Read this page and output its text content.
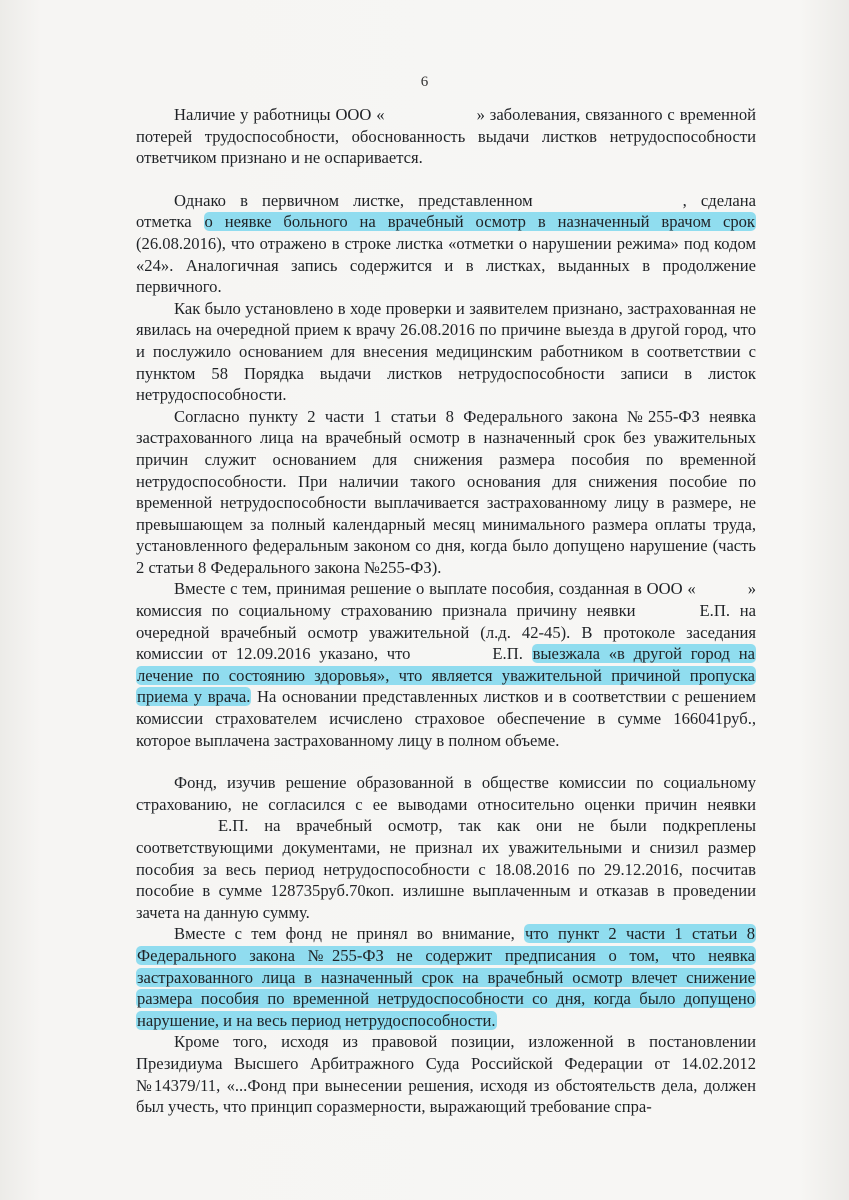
6

Наличие у работницы ООО «	» заболевания, связанного с временной потерей трудоспособности, обоснованность выдачи листков нетрудоспособности ответчиком признано и не оспаривается.

Однако в первичном листке, представленном	, сделана отметка о неявке больного на врачебный осмотр в назначенный врачом срок (26.08.2016), что отражено в строке листка «отметки о нарушении режима» под кодом «24». Аналогичная запись содержится и в листках, выданных в продолжение первичного.

Как было установлено в ходе проверки и заявителем признано, застрахованная не явилась на очередной прием к врачу 26.08.2016 по причине выезда в другой город, что и послужило основанием для внесения медицинским работником в соответствии с пунктом 58 Порядка выдачи листков нетрудоспособности записи в листок нетрудоспособности.

Согласно пункту 2 части 1 статьи 8 Федерального закона №255-ФЗ неявка застрахованного лица на врачебный осмотр в назначенный срок без уважительных причин служит основанием для снижения размера пособия по временной нетрудоспособности. При наличии такого основания для снижения пособие по временной нетрудоспособности выплачивается застрахованному лицу в размере, не превышающем за полный календарный месяц минимального размера оплаты труда, установленного федеральным законом со дня, когда было допущено нарушение (часть 2 статьи 8 Федерального закона №255-ФЗ).

Вместе с тем, принимая решение о выплате пособия, созданная в ООО «	» комиссия по социальному страхованию признала причину неявки	Е.П. на очередной врачебный осмотр уважительной (л.д. 42-45). В протоколе заседания комиссии от 12.09.2016 указано, что	Е.П. выезжала «в другой город на лечение по состоянию здоровья», что является уважительной причиной пропуска приема у врача. На основании представленных листков и в соответствии с решением комиссии страхователем исчислено страховое обеспечение в сумме 166041руб., которое выплачена застрахованному лицу в полном объеме.

Фонд, изучив решение образованной в обществе комиссии по социальному страхованию, не согласился с ее выводами относительно оценки причин неявкиЕ.П. на врачебный осмотр, так как они не были подкреплены соответствующими документами, не признал их уважительными и снизил размер пособия за весь период нетрудоспособности с 18.08.2016 по 29.12.2016, посчитав пособие в сумме 128735руб.70коп. излишне выплаченным и отказав в проведении зачета на данную сумму.

Вместе с тем фонд не принял во внимание, что пункт 2 части 1 статьи 8 Федерального закона №255-ФЗ не содержит предписания о том, что неявка застрахованного лица в назначенный срок на врачебный осмотр влечет снижение размера пособия по временной нетрудоспособности со дня, когда было допущено нарушение, и на весь период нетрудоспособности.

Кроме того, исходя из правовой позиции, изложенной в постановлении Президиума Высшего Арбитражного Суда Российской Федерации от 14.02.2012 №14379/11, «...Фонд при вынесении решения, исходя из обстоятельств дела, должен был учесть, что принцип соразмерности, выражающий требование спра-
